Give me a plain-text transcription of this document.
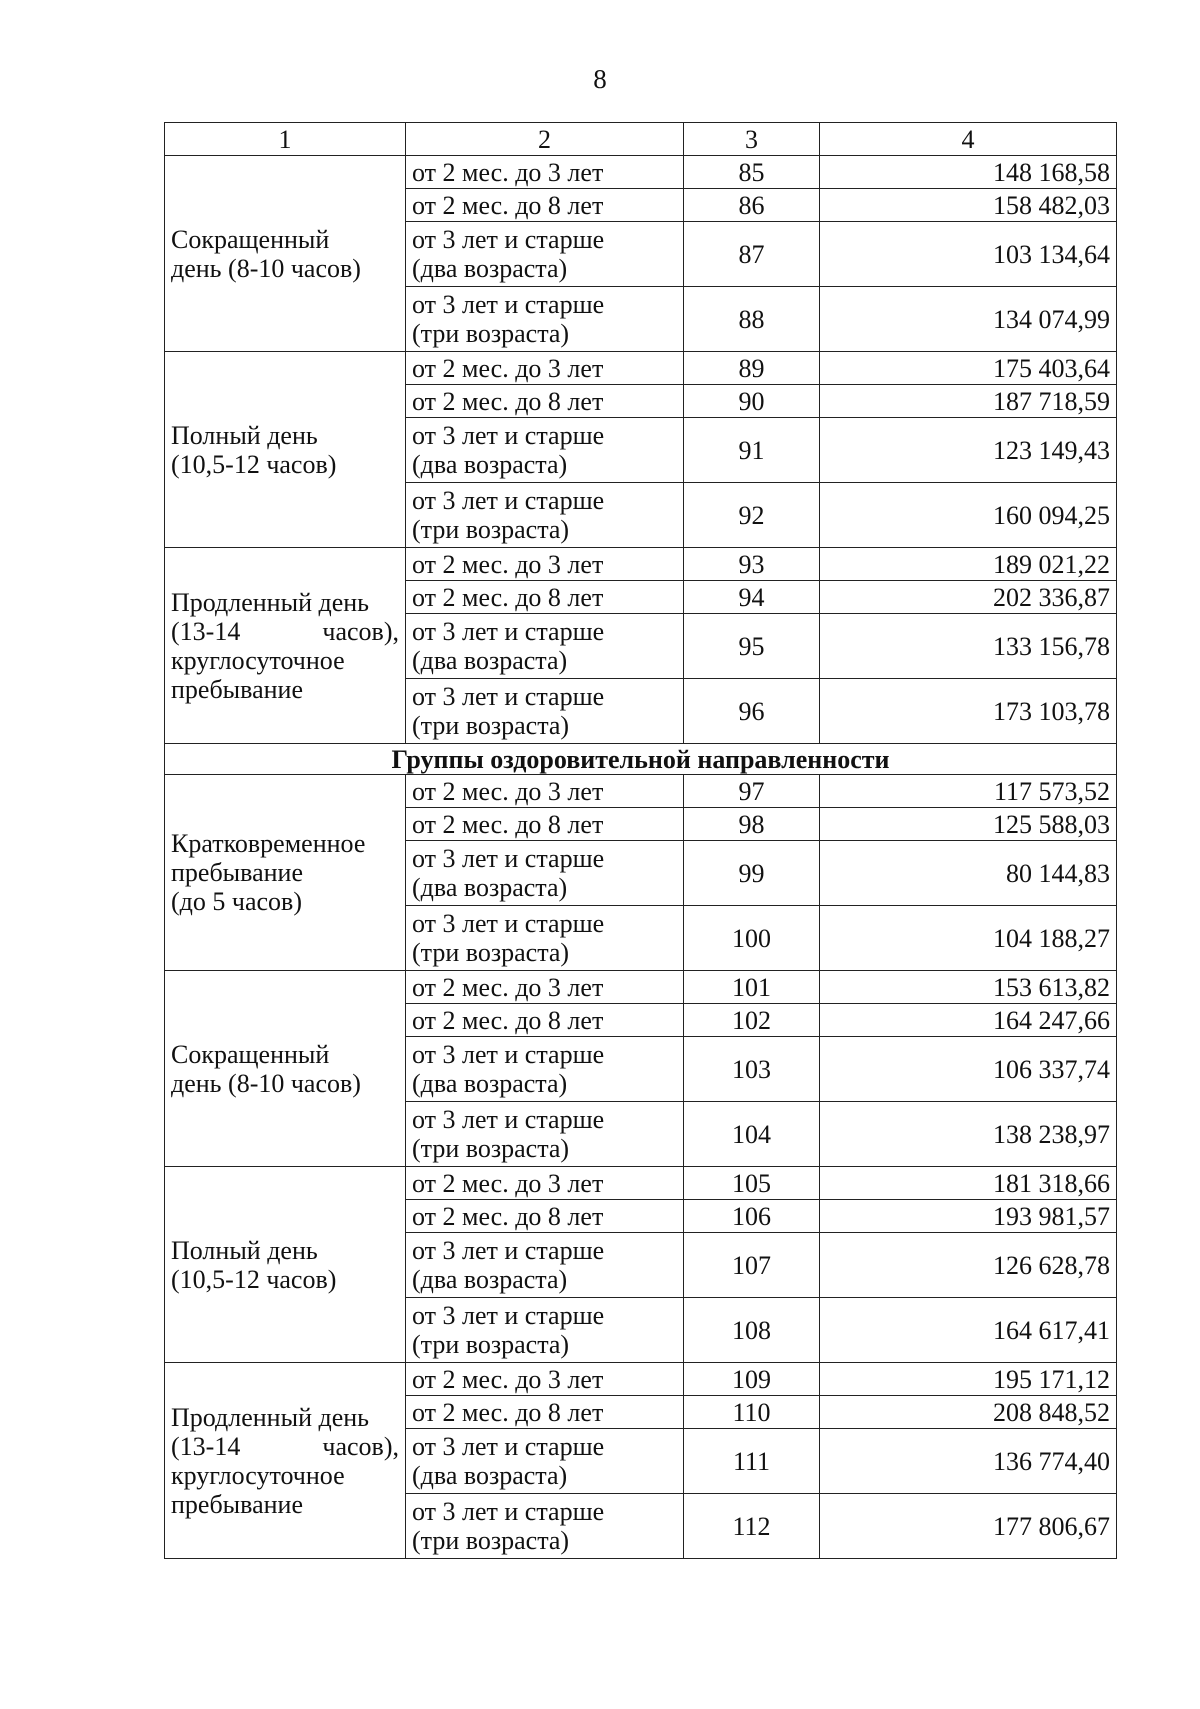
8
1	2	3	4

Сокращенный
день (8-10 часов)	от 2 мес. до 3 лет	85	148 168,58

	от 2 мес. до 8 лет	86	158 482,03

	от 3 лет и старше
(два возраста)	87	103 134,64

	от 3 лет и старше
(три возраста)	88	134 074,99

Полный день
(10,5-12 часов)	от 2 мес. до 3 лет	89	175 403,64

	от 2 мес. до 8 лет	90	187 718,59

	от 3 лет и старше
(два возраста)	91	123 149,43

	от 3 лет и старше
(три возраста)	92	160 094,25

Продленный день
(13-14 часов),
круглосуточное
пребывание	от 2 мес. до 3 лет	93	189 021,22

	от 2 мес. до 8 лет	94	202 336,87

	от 3 лет и старше
(два возраста)	95	133 156,78

	от 3 лет и старше
(три возраста)	96	173 103,78
Группы оздоровительной направленности			

Кратковременное
пребывание
(до 5 часов)	от 2 мес. до 3 лет	97	117 573,52

	от 2 мес. до 8 лет	98	125 588,03

	от 3 лет и старше
(два возраста)	99	80 144,83

	от 3 лет и старше
(три возраста)	100	104 188,27

Сокращенный
день (8-10 часов)	от 2 мес. до 3 лет	101	153 613,82

	от 2 мес. до 8 лет	102	164 247,66

	от 3 лет и старше
(два возраста)	103	106 337,74

	от 3 лет и старше
(три возраста)	104	138 238,97

Полный день
(10,5-12 часов)	от 2 мес. до 3 лет	105	181 318,66

	от 2 мес. до 8 лет	106	193 981,57

	от 3 лет и старше
(два возраста)	107	126 628,78

	от 3 лет и старше
(три возраста)	108	164 617,41

Продленный день
(13-14 часов),
круглосуточное
пребывание	от 2 мес. до 3 лет	109	195 171,12

	от 2 мес. до 8 лет	110	208 848,52

	от 3 лет и старше
(два возраста)	111	136 774,40

	от 3 лет и старше
(три возраста)	112	177 806,67
